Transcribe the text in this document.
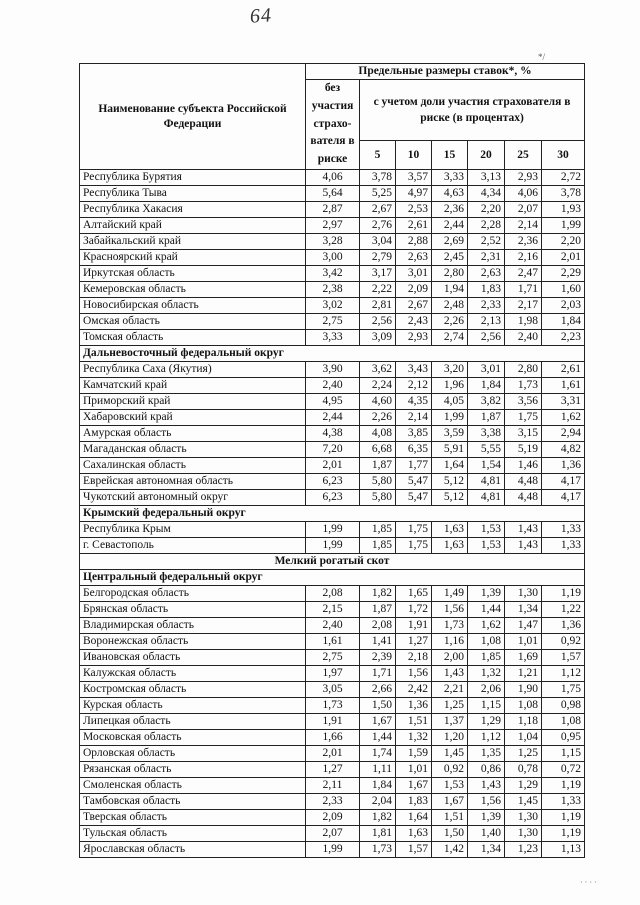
64
*/
· · · ·
Наименование субъекта Российской Федерации	Предельные размеры ставок*, %						
	без участия страхо-вателя в риске	с учетом доли участия страхователя в риске (в процентах)					
		5	10	15	20	25	30
Республика Бурятия	4,06	3,78	3,57	3,33	3,13	2,93	2,72
Республика Тыва	5,64	5,25	4,97	4,63	4,34	4,06	3,78
Республика Хакасия	2,87	2,67	2,53	2,36	2,20	2,07	1,93
Алтайский край	2,97	2,76	2,61	2,44	2,28	2,14	1,99
Забайкальский край	3,28	3,04	2,88	2,69	2,52	2,36	2,20
Красноярский край	3,00	2,79	2,63	2,45	2,31	2,16	2,01
Иркутская область	3,42	3,17	3,01	2,80	2,63	2,47	2,29
Кемеровская область	2,38	2,22	2,09	1,94	1,83	1,71	1,60
Новосибирская область	3,02	2,81	2,67	2,48	2,33	2,17	2,03
Омская область	2,75	2,56	2,43	2,26	2,13	1,98	1,84
Томская область	3,33	3,09	2,93	2,74	2,56	2,40	2,23
Дальневосточный федеральный округ							
Республика Саха (Якутия)	3,90	3,62	3,43	3,20	3,01	2,80	2,61
Камчатский край	2,40	2,24	2,12	1,96	1,84	1,73	1,61
Приморский край	4,95	4,60	4,35	4,05	3,82	3,56	3,31
Хабаровский край	2,44	2,26	2,14	1,99	1,87	1,75	1,62
Амурская область	4,38	4,08	3,85	3,59	3,38	3,15	2,94
Магаданская область	7,20	6,68	6,35	5,91	5,55	5,19	4,82
Сахалинская область	2,01	1,87	1,77	1,64	1,54	1,46	1,36
Еврейская автономная область	6,23	5,80	5,47	5,12	4,81	4,48	4,17
Чукотский автономный округ	6,23	5,80	5,47	5,12	4,81	4,48	4,17
Крымский федеральный округ							
Республика Крым	1,99	1,85	1,75	1,63	1,53	1,43	1,33
г. Севастополь	1,99	1,85	1,75	1,63	1,53	1,43	1,33
Мелкий рогатый скот							
Центральный федеральный округ							
Белгородская область	2,08	1,82	1,65	1,49	1,39	1,30	1,19
Брянская область	2,15	1,87	1,72	1,56	1,44	1,34	1,22
Владимирская область	2,40	2,08	1,91	1,73	1,62	1,47	1,36
Воронежская область	1,61	1,41	1,27	1,16	1,08	1,01	0,92
Ивановская область	2,75	2,39	2,18	2,00	1,85	1,69	1,57
Калужская область	1,97	1,71	1,56	1,43	1,32	1,21	1,12
Костромская область	3,05	2,66	2,42	2,21	2,06	1,90	1,75
Курская область	1,73	1,50	1,36	1,25	1,15	1,08	0,98
Липецкая область	1,91	1,67	1,51	1,37	1,29	1,18	1,08
Московская область	1,66	1,44	1,32	1,20	1,12	1,04	0,95
Орловская область	2,01	1,74	1,59	1,45	1,35	1,25	1,15
Рязанская область	1,27	1,11	1,01	0,92	0,86	0,78	0,72
Смоленская область	2,11	1,84	1,67	1,53	1,43	1,29	1,19
Тамбовская область	2,33	2,04	1,83	1,67	1,56	1,45	1,33
Тверская область	2,09	1,82	1,64	1,51	1,39	1,30	1,19
Тульская область	2,07	1,81	1,63	1,50	1,40	1,30	1,19
Ярославская область	1,99	1,73	1,57	1,42	1,34	1,23	1,13
